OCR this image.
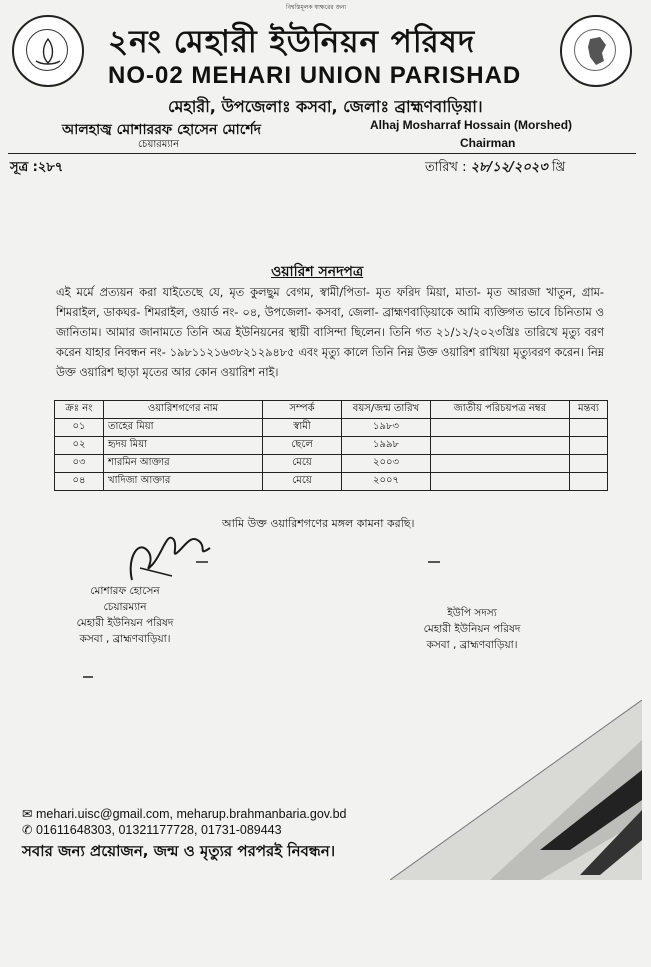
বিশ্বস্তিমূলক স্বাক্ষরের জন্য
২নং মেহারী ইউনিয়ন পরিষদ
NO-02 MEHARI UNION PARISHAD
মেহারী, উপজেলাঃ কসবা, জেলাঃ ব্রাহ্মণবাড়িয়া।
আলহাজ্ব মোশাররফ হোসেন মোর্শেদ
চেয়ারম্যান
Alhaj Mosharraf Hossain (Morshed)
Chairman
সূত্র :২৮৭	তারিখ : ২৮/১২/২০২৩ খ্রি
ওয়ারিশ সনদপত্র
এই মর্মে প্রত্যয়ন করা যাইতেছে যে, মৃত কুলছুম বেগম, স্বামী/পিতা- মৃত ফরিদ মিয়া, মাতা- মৃত আরজা খাতুন, গ্রাম- শিমরাইল, ডাকঘর- শিমরাইল, ওয়ার্ড নং- ০৪, উপজেলা- কসবা, জেলা- ব্রাহ্মণবাড়িয়াকে আমি ব্যক্তিগত ভাবে চিনিতাম ও জানিতাম। আমার জানামতে তিনি অত্র ইউনিয়নের স্থায়ী বাসিন্দা ছিলেন। তিনি গত ২১/১২/২০২৩খ্রিঃ তারিখে মৃত্যু বরণ করেন যাহার নিবন্ধন নং- ১৯৮১১২১৬৩৮২১২৯৪৮৫ এবং মৃত্যু কালে তিনি নিম্ন উক্ত ওয়ারিশ রাখিয়া মৃত্যুবরণ করেন। নিম্ন উক্ত ওয়ারিশ ছাড়া মৃতের আর কোন ওয়ারিশ নাই।
ক্রঃ নং	ওয়ারিশগণের নাম	সম্পর্ক	বয়স/জন্ম তারিখ	জাতীয় পরিচয়পত্র নম্বর	মন্তব্য
০১	তাহের মিয়া	স্বামী	১৯৮৩		
০২	হৃদয় মিয়া	ছেলে	১৯৯৮		
০৩	শারমিন আক্তার	মেয়ে	২০০৩		
০৪	খাদিজা আক্তার	মেয়ে	২০০৭		
আমি উক্ত ওয়ারিশগণের মঙ্গল কামনা করছি।
মোশারফ হোসেন
চেয়ারম্যান
মেহারী ইউনিয়ন পরিষদ
কসবা , ব্রাহ্মণবাড়িয়া।
ইউপি সদস্য
মেহারী ইউনিয়ন পরিষদ
কসবা , ব্রাহ্মণবাড়িয়া।
✉ mehari.uisc@gmail.com, meharup.brahmanbaria.gov.bd
✆ 01611648303, 01321177728, 01731-089443
সবার জন্য প্রয়োজন, জন্ম ও মৃত্যুর পরপরই নিবন্ধন।
